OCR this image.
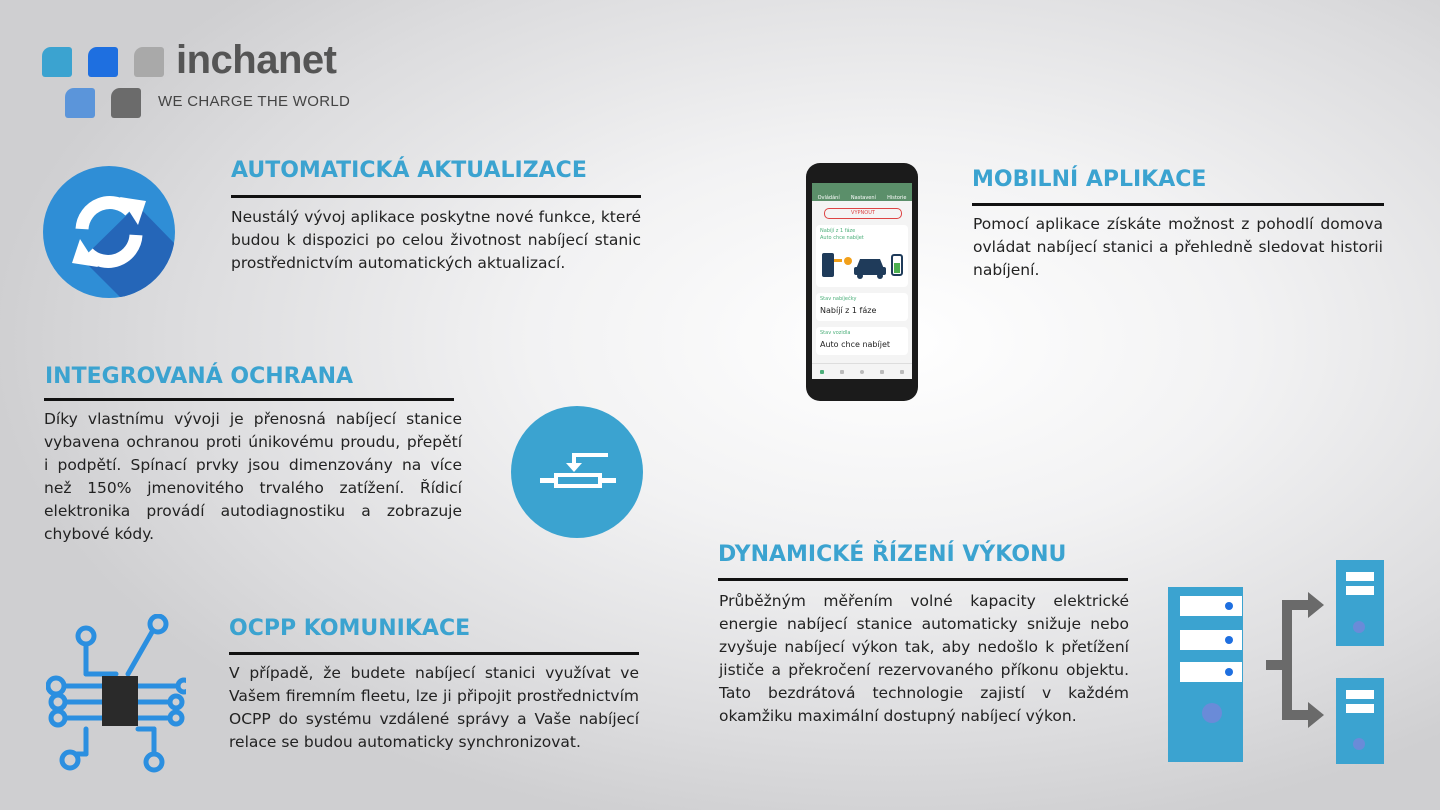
inchanet
WE CHARGE THE WORLD
AUTOMATICKÁ AKTUALIZACE

Neustálý vývoj aplikace poskytne nové funkce, které budou k dispozici po celou životnost nabíjecí stanic prostřednictvím automatických aktualizací.

INTEGROVANÁ OCHRANA

Díky vlastnímu vývoji je přenosná nabíjecí stanice vybavena ochranou proti únikovému proudu, přepětí i podpětí. Spínací prvky jsou dimenzovány na více než 150% jmenovitého trvalého zatížení. Řídicí elektronika provádí autodiagnostiku a zobrazuje chybové kódy.

OCPP KOMUNIKACE

V případě, že budete nabíjecí stanici využívat ve Vašem firemním fleetu, lze ji připojit prostřednictvím OCPP do systému vzdálené správy a Vaše nabíjecí relace se budou automaticky synchronizovat.

Ovládání Nastavení Historie
VYPNOUT
Nabíjí z 1 fáze
Auto chce nabíjet
Stav nabíječky
Nabíjí z 1 fáze
Stav vozidla
Auto chce nabíjet
MOBILNÍ APLIKACE

Pomocí aplikace získáte možnost z pohodlí domova ovládat nabíjecí stanici a přehledně sledovat historii nabíjení.

DYNAMICKÉ ŘÍZENÍ VÝKONU

Průběžným měřením volné kapacity elektrické energie nabíjecí stanice automaticky snižuje nebo zvyšuje nabíjecí výkon tak, aby nedošlo k přetížení jističe a překročení rezervovaného příkonu objektu. Tato bezdrátová technologie zajistí v každém okamžiku maximální dostupný nabíjecí výkon.
